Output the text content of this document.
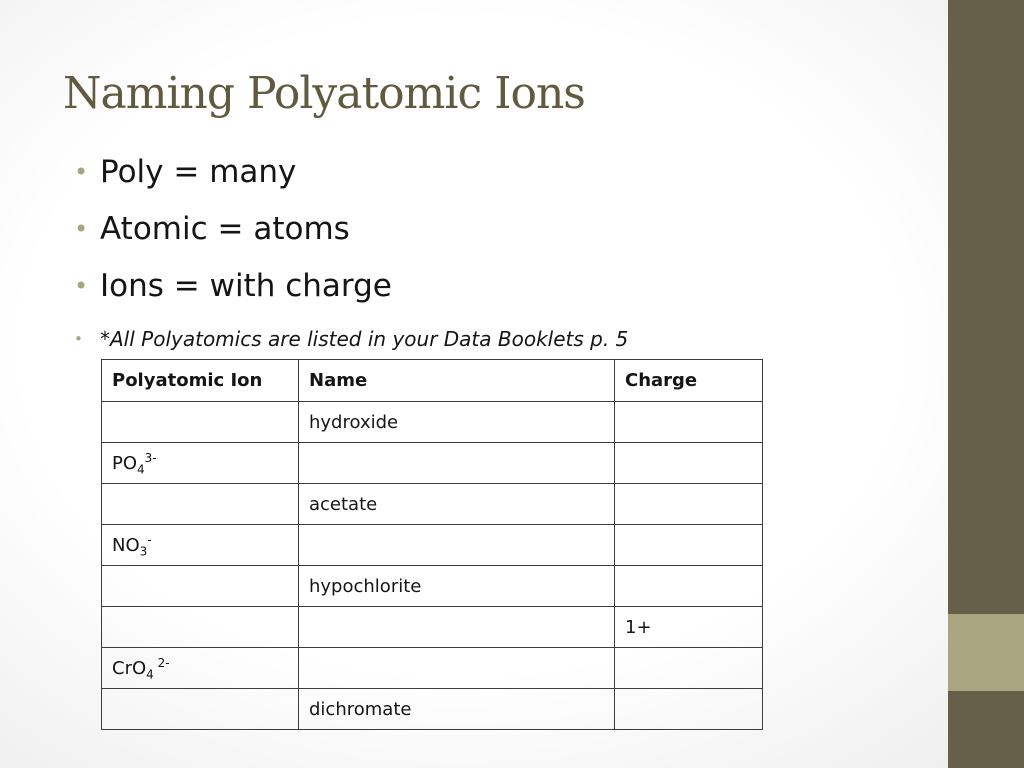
Naming Polyatomic Ions
• Poly = many
• Atomic = atoms
• Ions = with charge
• *All Polyatomics are listed in your Data Booklets p. 5
Polyatomic Ion	Name	Charge
	hydroxide	
$PO_4^{3-}$		
	acetate	
$NO_3^-$		
	hypochlorite	
		1+
CrO$_4$ $^{2-}$		
	dichromate	
